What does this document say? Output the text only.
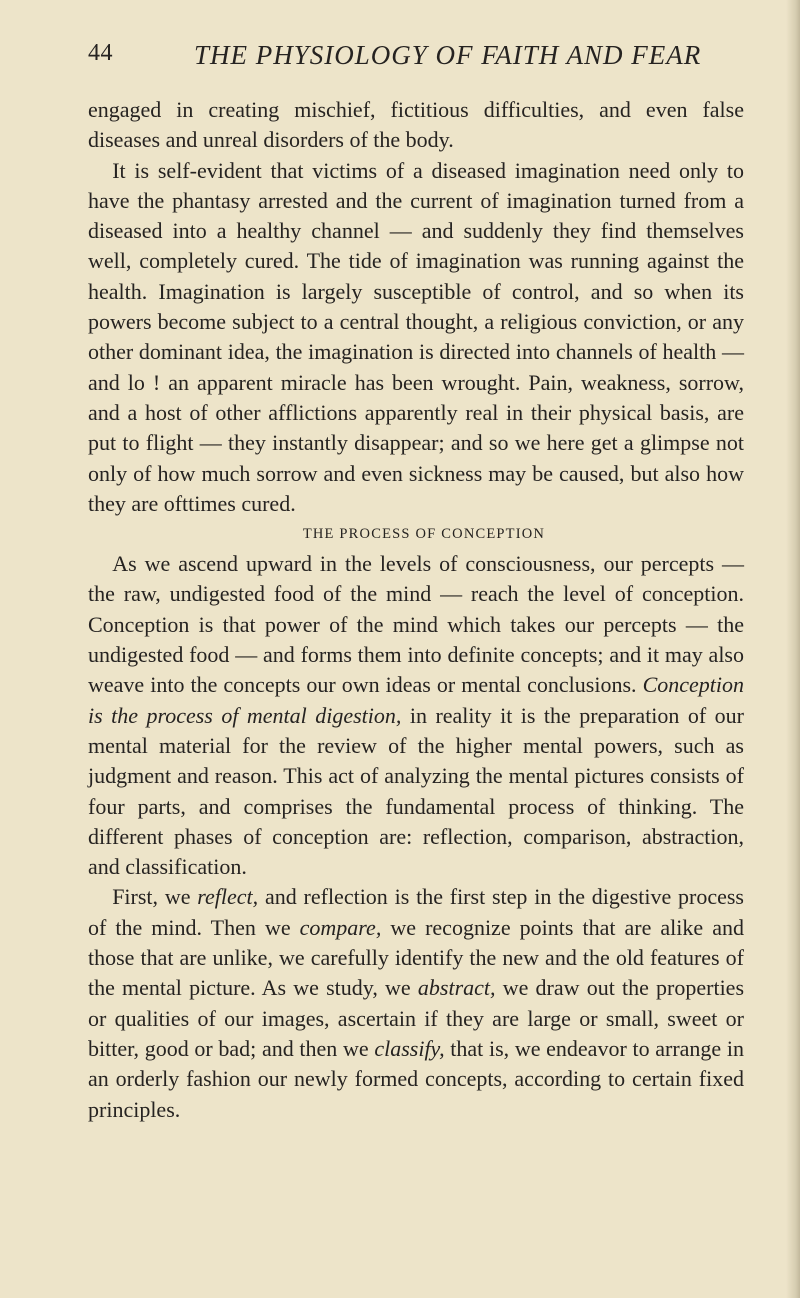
44	THE PHYSIOLOGY OF FAITH AND FEAR

engaged in creating mischief, fictitious difficulties, and even false diseases and unreal disorders of the body.

It is self-evident that victims of a diseased imagination need only to have the phantasy arrested and the current of imagination turned from a diseased into a healthy channel — and suddenly they find themselves well, completely cured. The tide of imagination was running against the health. Imagination is largely susceptible of control, and so when its powers become subject to a central thought, a religious conviction, or any other dominant idea, the imagination is directed into channels of health — and lo ! an apparent miracle has been wrought. Pain, weakness, sorrow, and a host of other afflictions apparently real in their physical basis, are put to flight — they instantly disappear; and so we here get a glimpse not only of how much sorrow and even sickness may be caused, but also how they are ofttimes cured.

THE PROCESS OF CONCEPTION

As we ascend upward in the levels of consciousness, our percepts — the raw, undigested food of the mind — reach the level of conception. Conception is that power of the mind which takes our percepts — the undigested food — and forms them into definite concepts; and it may also weave into the concepts our own ideas or mental conclusions. Conception is the process of mental digestion, in reality it is the preparation of our mental material for the review of the higher mental powers, such as judgment and reason. This act of analyzing the mental pictures consists of four parts, and comprises the fundamental process of thinking. The different phases of conception are: reflection, comparison, abstraction, and classification.

First, we reflect, and reflection is the first step in the digestive process of the mind. Then we compare, we recognize points that are alike and those that are unlike, we carefully identify the new and the old features of the mental picture. As we study, we abstract, we draw out the properties or qualities of our images, ascertain if they are large or small, sweet or bitter, good or bad; and then we classify, that is, we endeavor to arrange in an orderly fashion our newly formed concepts, according to certain fixed principles.
